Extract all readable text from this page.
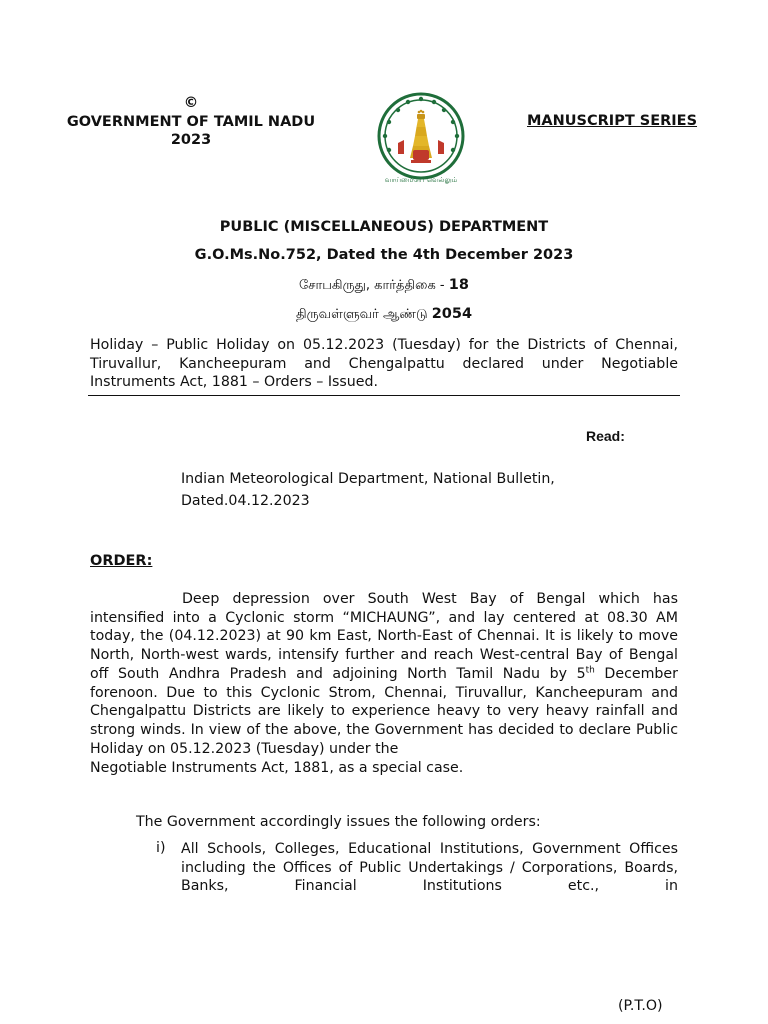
©
GOVERNMENT OF TAMIL NADU
2023
வாய்மையே வெல்லும்
MANUSCRIPT SERIES
PUBLIC (MISCELLANEOUS) DEPARTMENT
G.O.Ms.No.752, Dated the 4th December 2023
சோபகிருது, கார்த்திகை - 18
திருவள்ளுவர் ஆண்டு 2054
Holiday – Public Holiday on 05.12.2023 (Tuesday) for the Districts of Chennai, Tiruvallur, Kancheepuram and Chengalpattu declared under Negotiable Instruments Act, 1881 – Orders – Issued.
Read:
Indian Meteorological Department, National Bulletin,
Dated.04.12.2023
ORDER:
Deep depression over South West Bay of Bengal which has intensified into a Cyclonic storm “MICHAUNG”, and lay centered at 08.30 AM today, the (04.12.2023) at 90 km East, North-East of Chennai. It is likely to move North, North-west wards, intensify further and reach West-central Bay of Bengal off South Andhra Pradesh and adjoining North Tamil Nadu by 5th December forenoon. Due to this Cyclonic Strom, Chennai, Tiruvallur, Kancheepuram and Chengalpattu Districts are likely to experience heavy to very heavy rainfall and strong winds. In view of the above, the Government has decided to declare Public Holiday on 05.12.2023 (Tuesday) under the
Negotiable Instruments Act, 1881, as a special case.
The Government accordingly issues the following orders:
i) All Schools, Colleges, Educational Institutions, Government Offices including the Offices of Public Undertakings / Corporations, Boards, Banks, Financial Institutions etc., in
(P.T.O)
